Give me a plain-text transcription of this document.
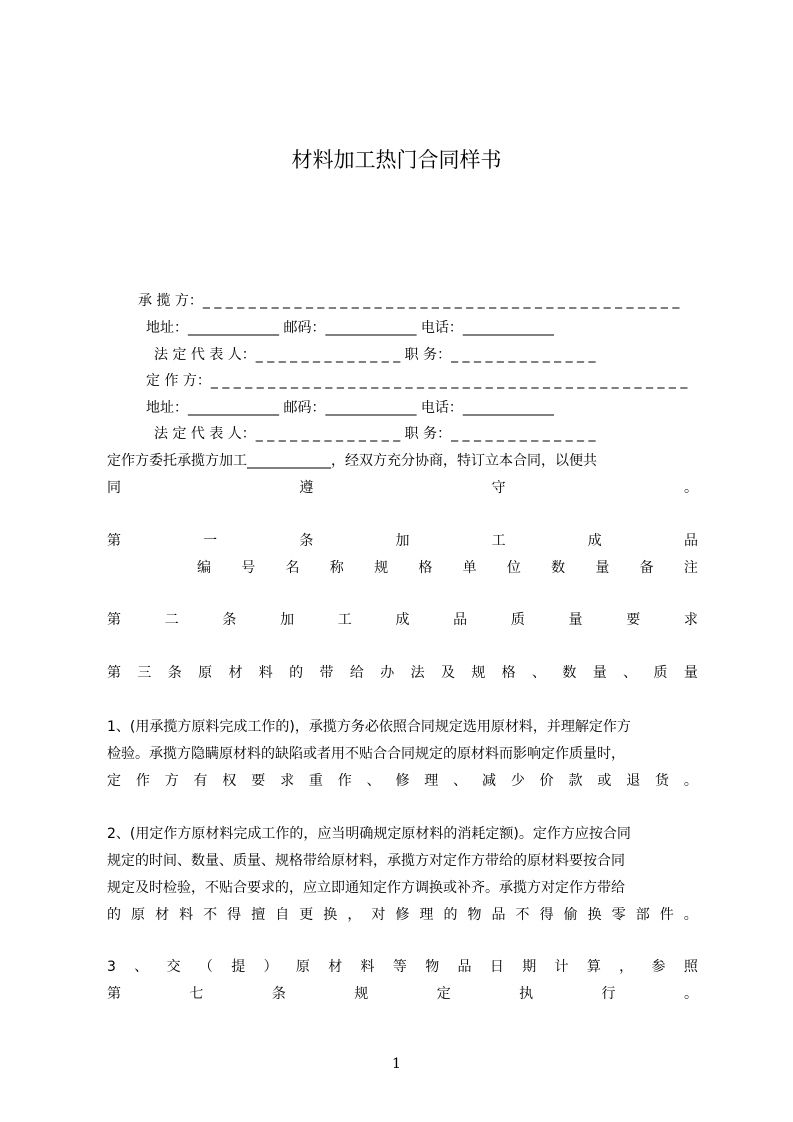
材料加工热门合同样书
承 揽 方：_ _ _ _ _ _ _ _ _ _ _ _ _ _ _ _ _ _ _ _ _ _ _ _ _ _ _ _ _ _ _ _ _ _ _ _ _ _ _ _ _ _
地址：_____________ 邮码：_____________ 电话：_____________
法 定 代 表 人：_ _ _ _ _ _ _ _ _ _ _ _ _ 职 务：_ _ _ _ _ _ _ _ _ _ _ _ _
定 作 方：_ _ _ _ _ _ _ _ _ _ _ _ _ _ _ _ _ _ _ _ _ _ _ _ _ _ _ _ _ _ _ _ _ _ _ _ _ _ _ _ _ _
地址：_____________ 邮码：_____________ 电话：_____________
法 定 代 表 人：_ _ _ _ _ _ _ _ _ _ _ _ _ 职 务：_ _ _ _ _ _ _ _ _ _ _ _ _
定作方委托承揽方加工____________，经双方充分协商，特订立本合同，以便共
同	遵	守	。
第	一	条	加	工	成	品
编 号 名 称 规 格 单 位 数 量 备 注
第	二	条	加	工	成	品	质	量	要	求
第 三 条 原 材 料 的 带 给 办 法 及 规 格 、 数 量 、 质 量
1、(用承揽方原料完成工作的)，承揽方务必依照合同规定选用原材料，并理解定作方
检验。承揽方隐瞒原材料的缺陷或者用不贴合合同规定的原材料而影响定作质量时，
定 作 方 有 权 要 求 重 作 、 修 理 、 减 少 价 款 或 退 货 。
2、(用定作方原材料完成工作的，应当明确规定原材料的消耗定额)。定作方应按合同
规定的时间、数量、质量、规格带给原材料，承揽方对定作方带给的原材料要按合同
规定及时检验，不贴合要求的，应立即通知定作方调换或补齐。承揽方对定作方带给
的 原 材 料 不 得 擅 自 更 换 ， 对 修 理 的 物 品 不 得 偷 换 零 部 件 。
3 、 交 （ 提 ） 原 材 料 等 物 品 日 期 计 算 ， 参 照
第	七	条	规	定	执	行	。
1
